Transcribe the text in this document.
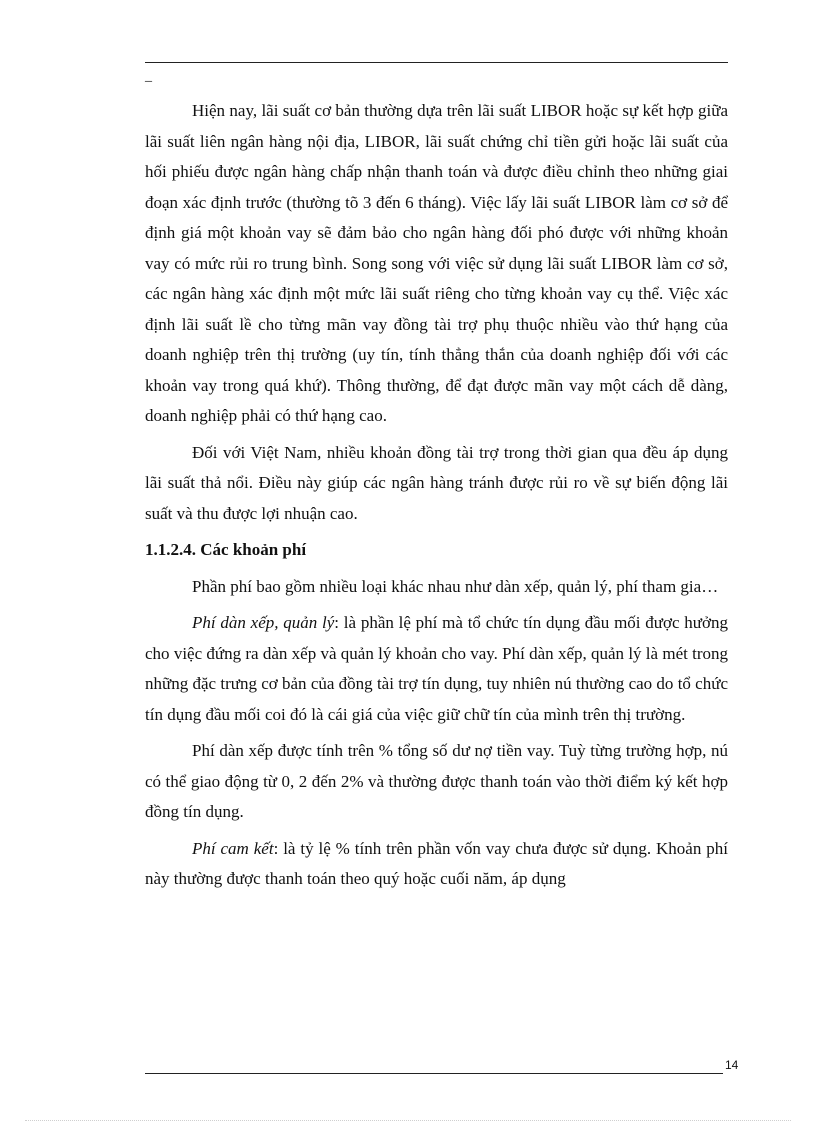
_

Hiện nay, lãi suất cơ bản thường dựa trên lãi suất LIBOR hoặc sự kết hợp giữa lãi suất liên ngân hàng nội địa, LIBOR, lãi suất chứng chỉ tiền gửi hoặc lãi suất của hối phiếu được ngân hàng chấp nhận thanh toán và được điều chỉnh theo những giai đoạn xác định trước (thường tõ 3 đến 6 tháng). Việc lấy lãi suất LIBOR làm cơ sở để định giá một khoản vay sẽ đảm bảo cho ngân hàng đối phó được với những khoản vay có mức rủi ro trung bình. Song song với việc sử dụng lãi suất LIBOR làm cơ sở, các ngân hàng xác định một mức lãi suất riêng cho từng khoản vay cụ thể. Việc xác định lãi suất lề cho từng mãn vay đồng tài trợ phụ thuộc nhiều vào thứ hạng của doanh nghiệp trên thị trường (uy tín, tính thẳng thắn của doanh nghiệp đối với các khoản vay trong quá khứ). Thông thường, để đạt được mãn vay một cách dễ dàng, doanh nghiệp phải có thứ hạng cao.

Đối với Việt Nam, nhiều khoản đồng tài trợ trong thời gian qua đều áp dụng lãi suất thả nổi. Điều này giúp các ngân hàng tránh được rủi ro về sự biến động lãi suất và thu được lợi nhuận cao.

1.1.2.4. Các khoản phí

Phần phí bao gồm nhiều loại khác nhau như dàn xếp, quản lý, phí tham gia…

Phí dàn xếp, quản lý: là phần lệ phí mà tổ chức tín dụng đầu mối được hưởng cho việc đứng ra dàn xếp và quản lý khoản cho vay. Phí dàn xếp, quản lý là mét trong những đặc trưng cơ bản của đồng tài trợ tín dụng, tuy nhiên nú thường cao do tổ chức tín dụng đầu mối coi đó là cái giá của việc giữ chữ tín của mình trên thị trường.

Phí dàn xếp được tính trên % tổng số dư nợ tiền vay. Tuỳ từng trường hợp, nú có thể giao động từ 0, 2 đến 2% và thường được thanh toán vào thời điểm ký kết hợp đồng tín dụng.

Phí cam kết: là tỷ lệ % tính trên phần vốn vay chưa được sử dụng. Khoản phí này thường được thanh toán theo quý hoặc cuối năm, áp dụng

14
